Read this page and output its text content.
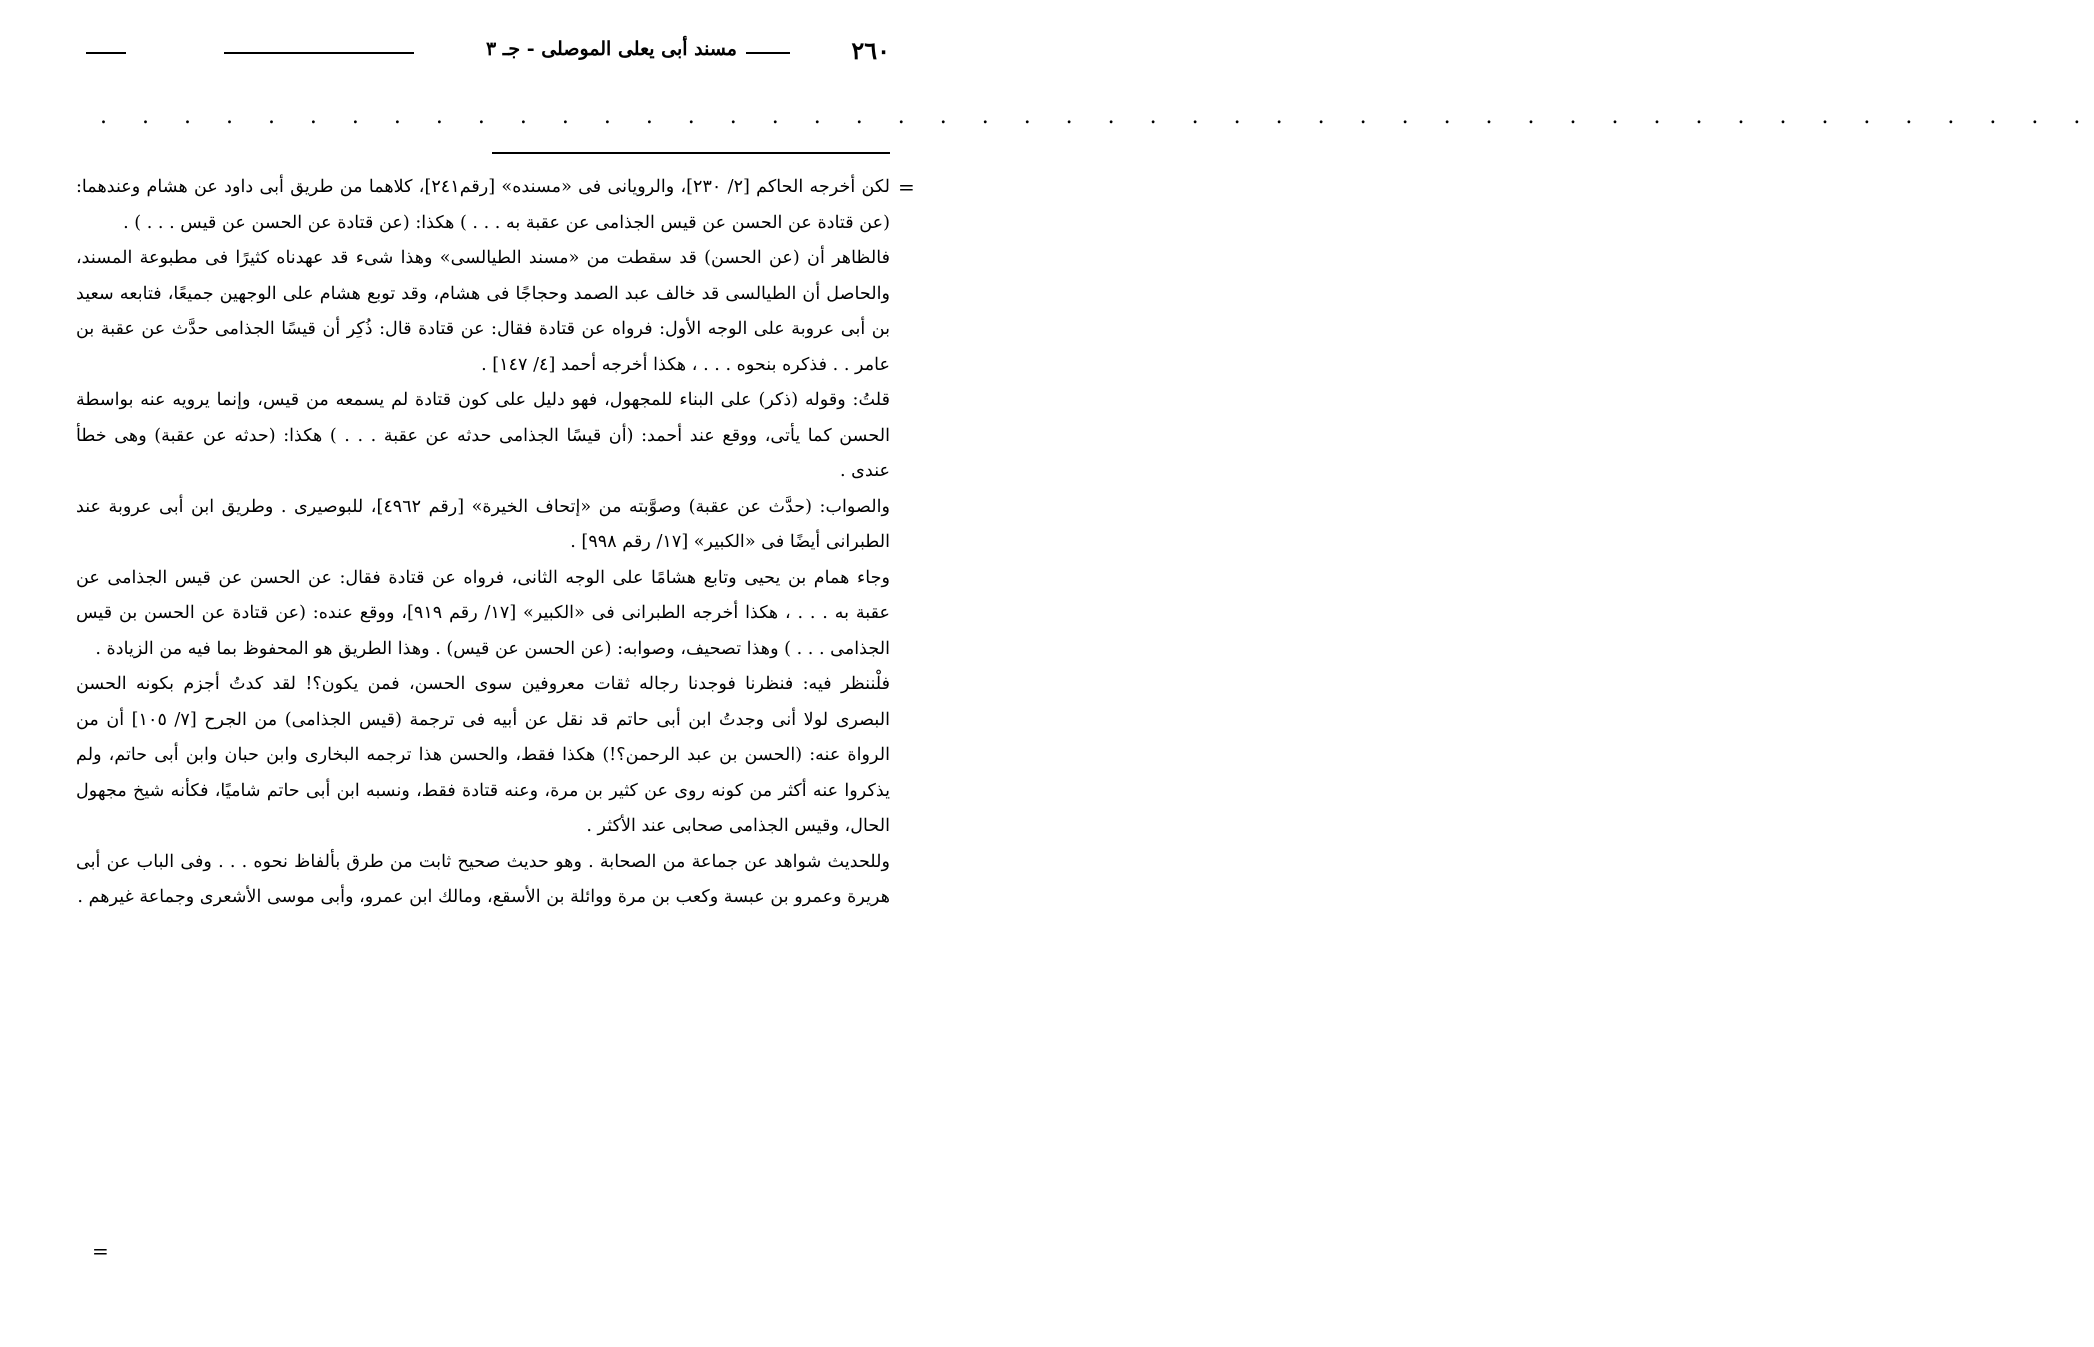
٢٦٠
مسند أبى يعلى الموصلى - جـ ٣
. . . . . . . . . . . . . . . . . . . . . . . . . . . . . . . . . . . . . . . . . . . . . . . .
=

لكن أخرجه الحاكم [٢/ ٢٣٠]، والرويانى فى «مسنده» [رقم٢٤١]، كلاهما من طريق أبى داود عن هشام وعندهما: (عن قتادة عن الحسن عن قيس الجذامى عن عقبة به . . . ) هكذا: (عن قتادة عن الحسن عن قيس . . . ) .

فالظاهر أن (عن الحسن) قد سقطت من «مسند الطيالسى» وهذا شىء قد عهدناه كثيرًا فى مطبوعة المسند، والحاصل أن الطيالسى قد خالف عبد الصمد وحجاجًا فى هشام، وقد توبع هشام على الوجهين جميعًا، فتابعه سعيد بن أبى عروبة على الوجه الأول: فرواه عن قتادة فقال: عن قتادة قال: ذُكِر أن قيسًا الجذامى حدَّث عن عقبة بن عامر . . فذكره بنحوه . . . ، هكذا أخرجه أحمد [٤/ ١٤٧] .

قلتُ: وقوله (ذكر) على البناء للمجهول، فهو دليل على كون قتادة لم يسمعه من قيس، وإنما يرويه عنه بواسطة الحسن كما يأتى، ووقع عند أحمد: (أن قيسًا الجذامى حدثه عن عقبة . . . ) هكذا: (حدثه عن عقبة) وهى خطأ عندى .

والصواب: (حدَّث عن عقبة) وصوَّبته من «إتحاف الخيرة» [رقم ٤٩٦٢]، للبوصيرى . وطريق ابن أبى عروبة عند الطبرانى أيضًا فى «الكبير» [١٧/ رقم ٩٩٨] .

وجاء همام بن يحيى وتابع هشامًا على الوجه الثانى، فرواه عن قتادة فقال: عن الحسن عن قيس الجذامى عن عقبة به . . . ، هكذا أخرجه الطبرانى فى «الكبير» [١٧/ رقم ٩١٩]، ووقع عنده: (عن قتادة عن الحسن بن قيس الجذامى . . . ) وهذا تصحيف، وصوابه: (عن الحسن عن قيس) . وهذا الطريق هو المحفوظ بما فيه من الزيادة .

فلْننظر فيه: فنظرنا فوجدنا رجاله ثقات معروفين سوى الحسن، فمن يكون؟! لقد كدتُ أجزم بكونه الحسن البصرى لولا أنى وجدتُ ابن أبى حاتم قد نقل عن أبيه فى ترجمة (قيس الجذامى) من الجرح [٧/ ١٠٥] أن من الرواة عنه: (الحسن بن عبد الرحمن؟!) هكذا فقط، والحسن هذا ترجمه البخارى وابن حبان وابن أبى حاتم، ولم يذكروا عنه أكثر من كونه روى عن كثير بن مرة، وعنه قتادة فقط، ونسبه ابن أبى حاتم شاميًا، فكأنه شيخ مجهول الحال، وقيس الجذامى صحابى عند الأكثر .

وللحديث شواهد عن جماعة من الصحابة . وهو حديث صحيح ثابت من طرق بألفاظ نحوه . . . وفى الباب عن أبى هريرة وعمرو بن عبسة وكعب بن مرة ووائلة بن الأسقع، ومالك ابن عمرو، وأبى موسى الأشعرى وجماعة غيرهم .

=
